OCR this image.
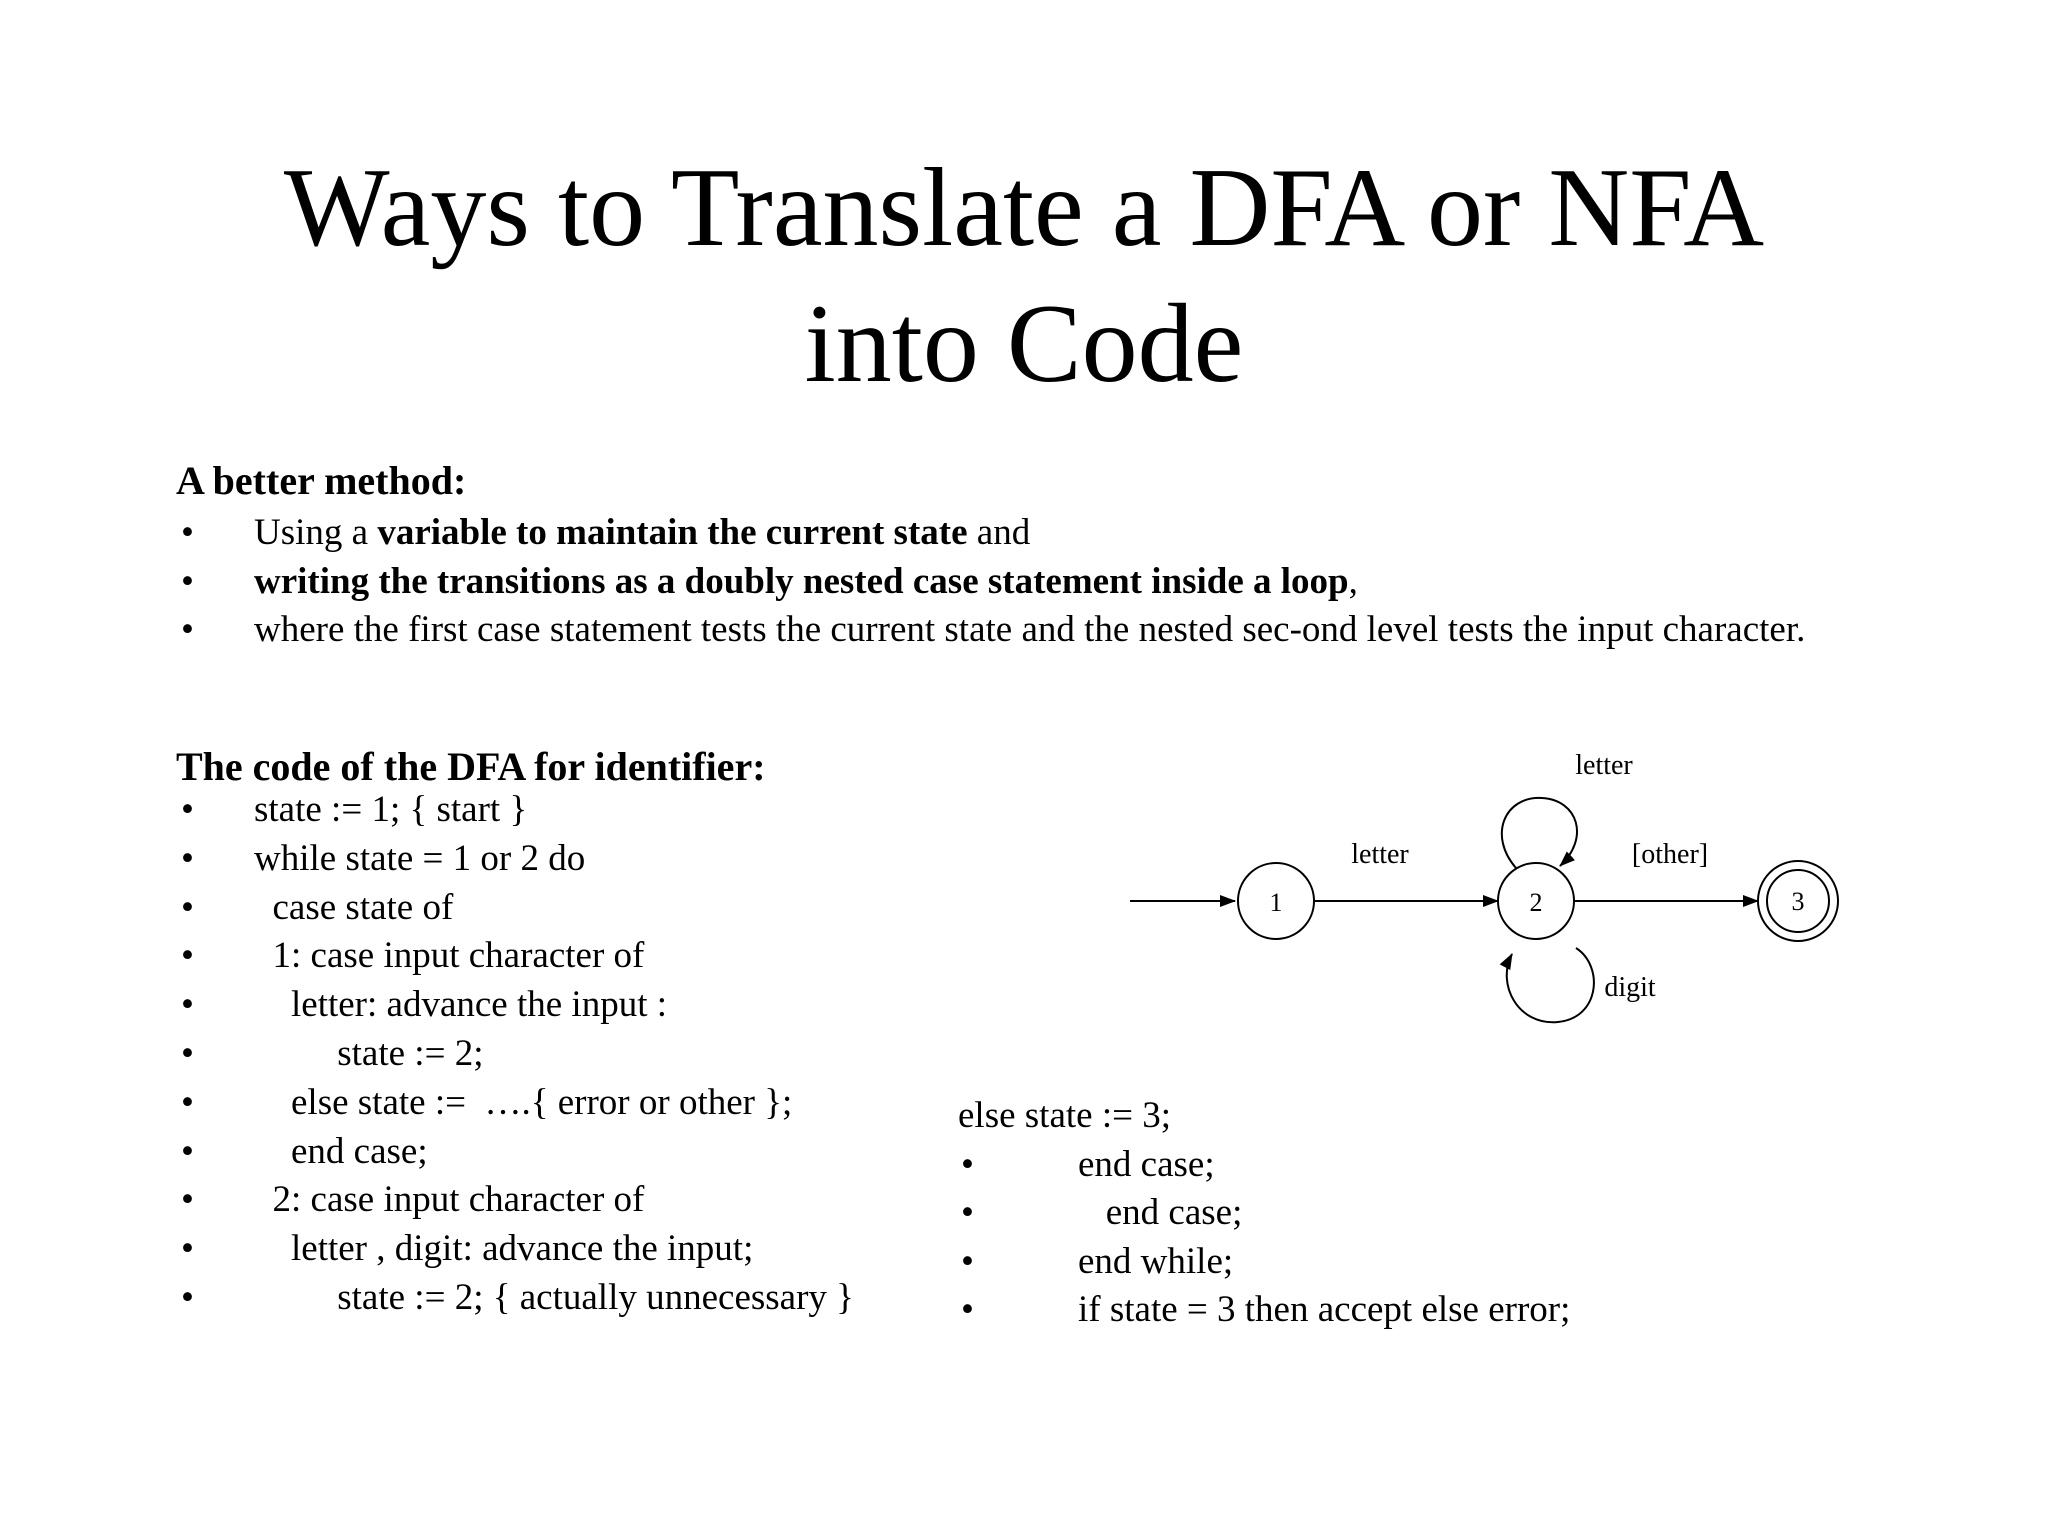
Ways to Translate a DFA or NFA
into Code
A better method:
• Using a variable to maintain the current state and
• writing the transitions as a doubly nested case statement inside a loop,
• where the first case statement tests the current state and the nested sec-ond level tests the input character.
The code of the DFA for identifier:
• state := 1; { start }
• while state = 1 or 2 do
• case state of
• 1: case input character of
• letter: advance the input :
• state := 2;
• else state :=  ….{ error or other };
• end case;
• 2: case input character of
• letter , digit: advance the input;
• state := 2; { actually unnecessary }
else state := 3;
•	end case;
•	end case;
•	end while;
•	if state = 3 then accept else error;
1
letter
2
letter
[other]
3
digit
